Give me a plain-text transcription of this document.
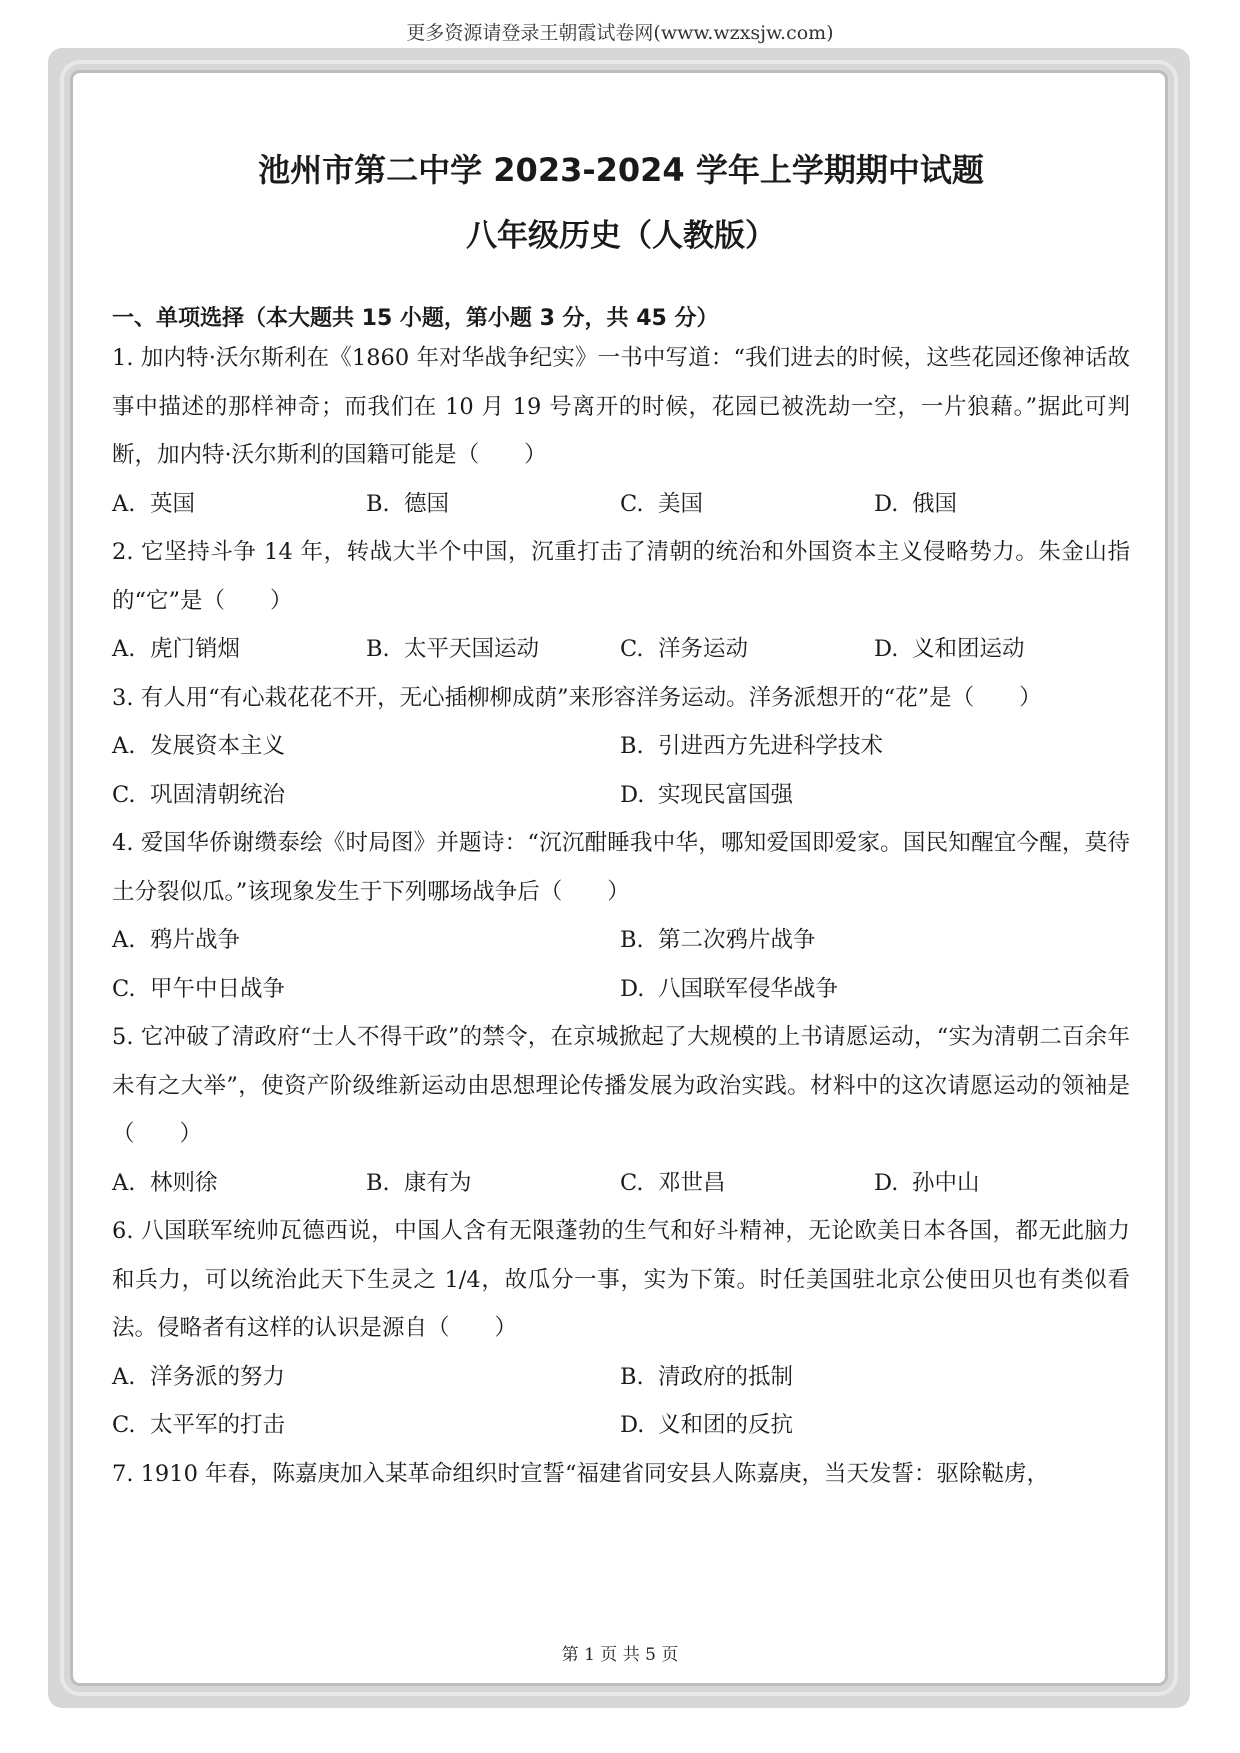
更多资源请登录王朝霞试卷网(www.wzxsjw.com)
池州市第二中学 2023-2024 学年上学期期中试题
八年级历史（人教版）
一、单项选择（本大题共 15 小题，第小题 3 分，共 45 分）

1. 加内特·沃尔斯利在《1860 年对华战争纪实》一书中写道：“我们进去的时候，这些花园还像神话故事中描述的那样神奇；而我们在 10 月 19 号离开的时候，花园已被洗劫一空，一片狼藉。”据此可判断，加内特·沃尔斯利的国籍可能是（　　）

A. 英国	B. 德国	C. 美国	D. 俄国

2. 它坚持斗争 14 年，转战大半个中国，沉重打击了清朝的统治和外国资本主义侵略势力。朱金山指的“它”是（　　）

A. 虎门销烟	B. 太平天国运动	C. 洋务运动	D. 义和团运动

3. 有人用“有心栽花花不开，无心插柳柳成荫”来形容洋务运动。洋务派想开的“花”是（　　）

A. 发展资本主义	B. 引进西方先进科学技术
C. 巩固清朝统治	D. 实现民富国强

4. 爱国华侨谢缵泰绘《时局图》并题诗：“沉沉酣睡我中华，哪知爱国即爱家。国民知醒宜今醒，莫待土分裂似瓜。”该现象发生于下列哪场战争后（　　）

A. 鸦片战争	B. 第二次鸦片战争
C. 甲午中日战争	D. 八国联军侵华战争

5. 它冲破了清政府“士人不得干政”的禁令，在京城掀起了大规模的上书请愿运动，“实为清朝二百余年未有之大举”，使资产阶级维新运动由思想理论传播发展为政治实践。材料中的这次请愿运动的领袖是（　　）

A. 林则徐	B. 康有为	C. 邓世昌	D. 孙中山

6. 八国联军统帅瓦德西说，中国人含有无限蓬勃的生气和好斗精神，无论欧美日本各国，都无此脑力和兵力，可以统治此天下生灵之 1/4，故瓜分一事，实为下策。时任美国驻北京公使田贝也有类似看法。侵略者有这样的认识是源自（　　）

A. 洋务派的努力	B. 清政府的抵制
C. 太平军的打击	D. 义和团的反抗

7. 1910 年春，陈嘉庚加入某革命组织时宣誓“福建省同安县人陈嘉庚，当天发誓：驱除鞑虏，

第 1 页 共 5 页
